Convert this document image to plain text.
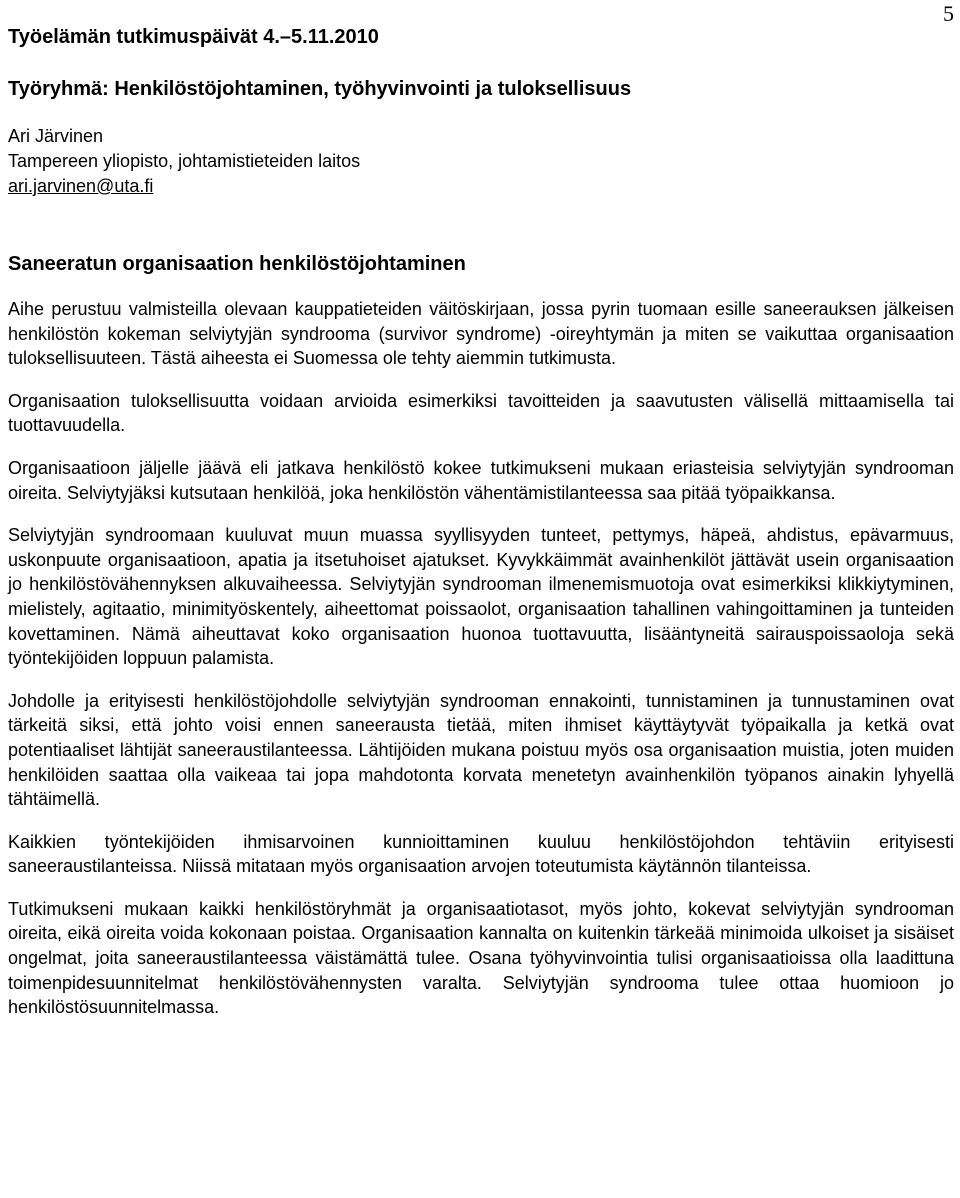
5
Työelämän tutkimuspäivät 4.–5.11.2010
Työryhmä: Henkilöstöjohtaminen, työhyvinvointi ja tuloksellisuus
Ari Järvinen
Tampereen yliopisto, johtamistieteiden laitos
ari.jarvinen@uta.fi
Saneeratun organisaation henkilöstöjohtaminen

Aihe perustuu valmisteilla olevaan kauppatieteiden väitöskirjaan, jossa pyrin tuomaan esille saneerauksen jälkeisen henkilöstön kokeman selviytyjän syndrooma (survivor syndrome) -oireyhtymän ja miten se vaikuttaa organisaation tuloksellisuuteen. Tästä aiheesta ei Suomessa ole tehty aiemmin tutkimusta.

Organisaation tuloksellisuutta voidaan arvioida esimerkiksi tavoitteiden ja saavutusten välisellä mittaamisella tai tuottavuudella.

Organisaatioon jäljelle jäävä eli jatkava henkilöstö kokee tutkimukseni mukaan eriasteisia selviytyjän syndrooman oireita. Selviytyjäksi kutsutaan henkilöä, joka henkilöstön vähentämistilanteessa saa pitää työpaikkansa.

Selviytyjän syndroomaan kuuluvat muun muassa syyllisyyden tunteet, pettymys, häpeä, ahdistus, epävarmuus, uskonpuute organisaatioon, apatia ja itsetuhoiset ajatukset. Kyvykkäimmät avainhenkilöt jättävät usein organisaation jo henkilöstövähennyksen alkuvaiheessa. Selviytyjän syndrooman ilmenemismuotoja ovat esimerkiksi klikkiytyminen, mielistely, agitaatio, minimityöskentely, aiheettomat poissaolot, organisaation tahallinen vahingoittaminen ja tunteiden kovettaminen. Nämä aiheuttavat koko organisaation huonoa tuottavuutta, lisääntyneitä sairauspoissaoloja sekä työntekijöiden loppuun palamista.

Johdolle ja erityisesti henkilöstöjohdolle selviytyjän syndrooman ennakointi, tunnistaminen ja tunnustaminen ovat tärkeitä siksi, että johto voisi ennen saneerausta tietää, miten ihmiset käyttäytyvät työpaikalla ja ketkä ovat potentiaaliset lähtijät saneeraustilanteessa. Lähtijöiden mukana poistuu myös osa organisaation muistia, joten muiden henkilöiden saattaa olla vaikeaa tai jopa mahdotonta korvata menetetyn avainhenkilön työpanos ainakin lyhyellä tähtäimellä.

Kaikkien työntekijöiden ihmisarvoinen kunnioittaminen kuuluu henkilöstöjohdon tehtäviin erityisesti saneeraustilanteissa. Niissä mitataan myös organisaation arvojen toteutumista käytännön tilanteissa.

Tutkimukseni mukaan kaikki henkilöstöryhmät ja organisaatiotasot, myös johto, kokevat selviytyjän syndrooman oireita, eikä oireita voida kokonaan poistaa. Organisaation kannalta on kuitenkin tärkeää minimoida ulkoiset ja sisäiset ongelmat, joita saneeraustilanteessa väistämättä tulee. Osana työhyvinvointia tulisi organisaatioissa olla laadittuna toimenpidesuunnitelmat henkilöstövähennysten varalta. Selviytyjän syndrooma tulee ottaa huomioon jo henkilöstösuunnitelmassa.
